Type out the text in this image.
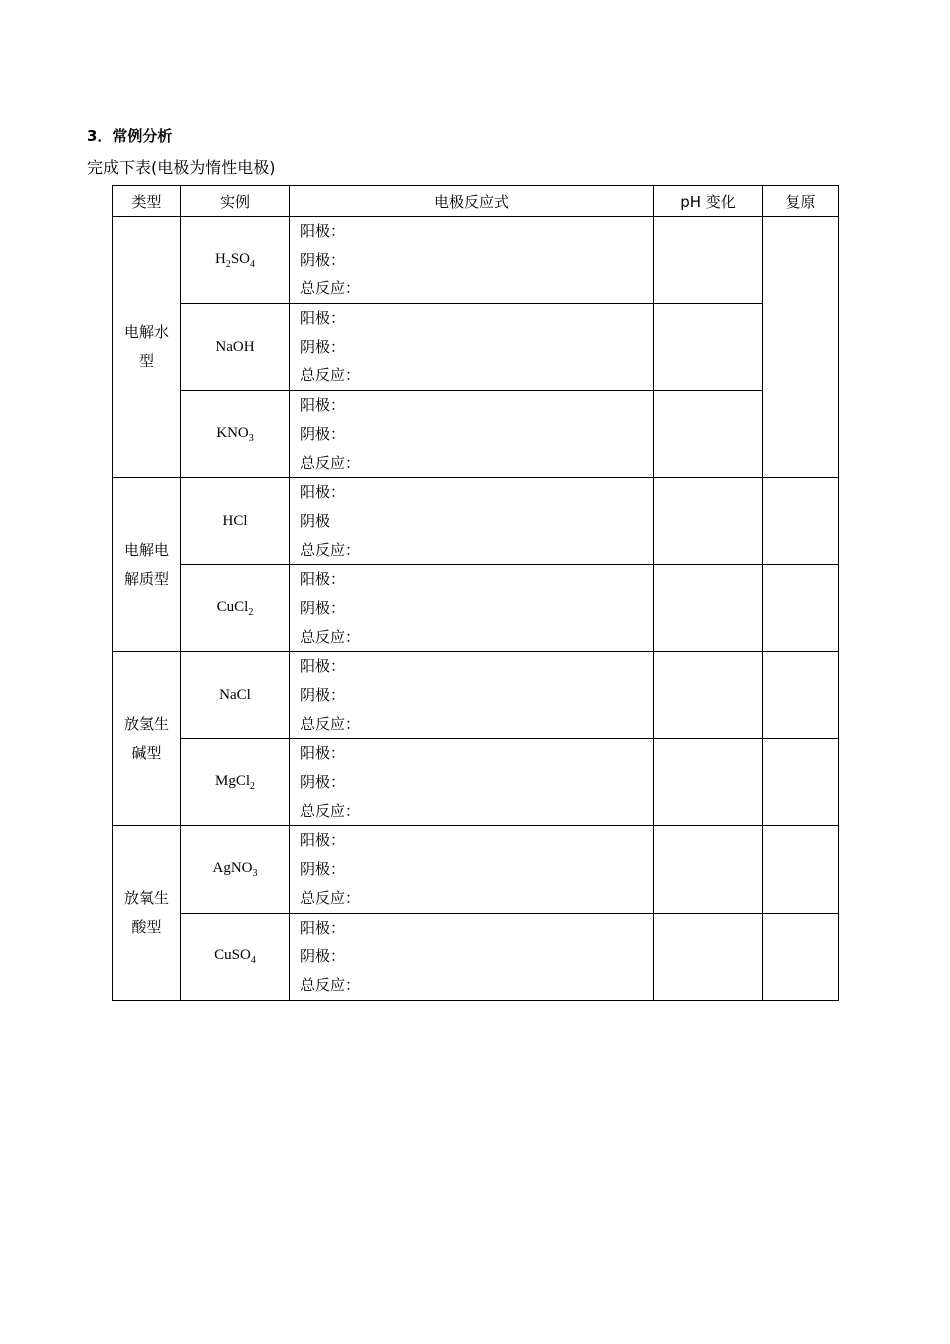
3．常例分析
完成下表(电极为惰性电极)
类型	实例	电极反应式	pH 变化	复原
电解水型	$H_2SO_4$	阳极：
阴极：
总反应：		

	NaOH	阳极：
阴极：
总反应：		

	$KNO_3$	阳极：
阴极：
总反应：		

电解电解质型	HCl	阳极：
阴极
总反应：		

	CuCl$_2$	阳极：
阴极：
总反应：		

放氢生碱型	NaCl	阳极：
阴极：
总反应：		

	MgCl$_2$	阳极：
阴极：
总反应：		

放氧生酸型	AgNO$_3$	阳极：
阴极：
总反应：		

	CuSO$_4$	阳极：
阴极：
总反应：		
